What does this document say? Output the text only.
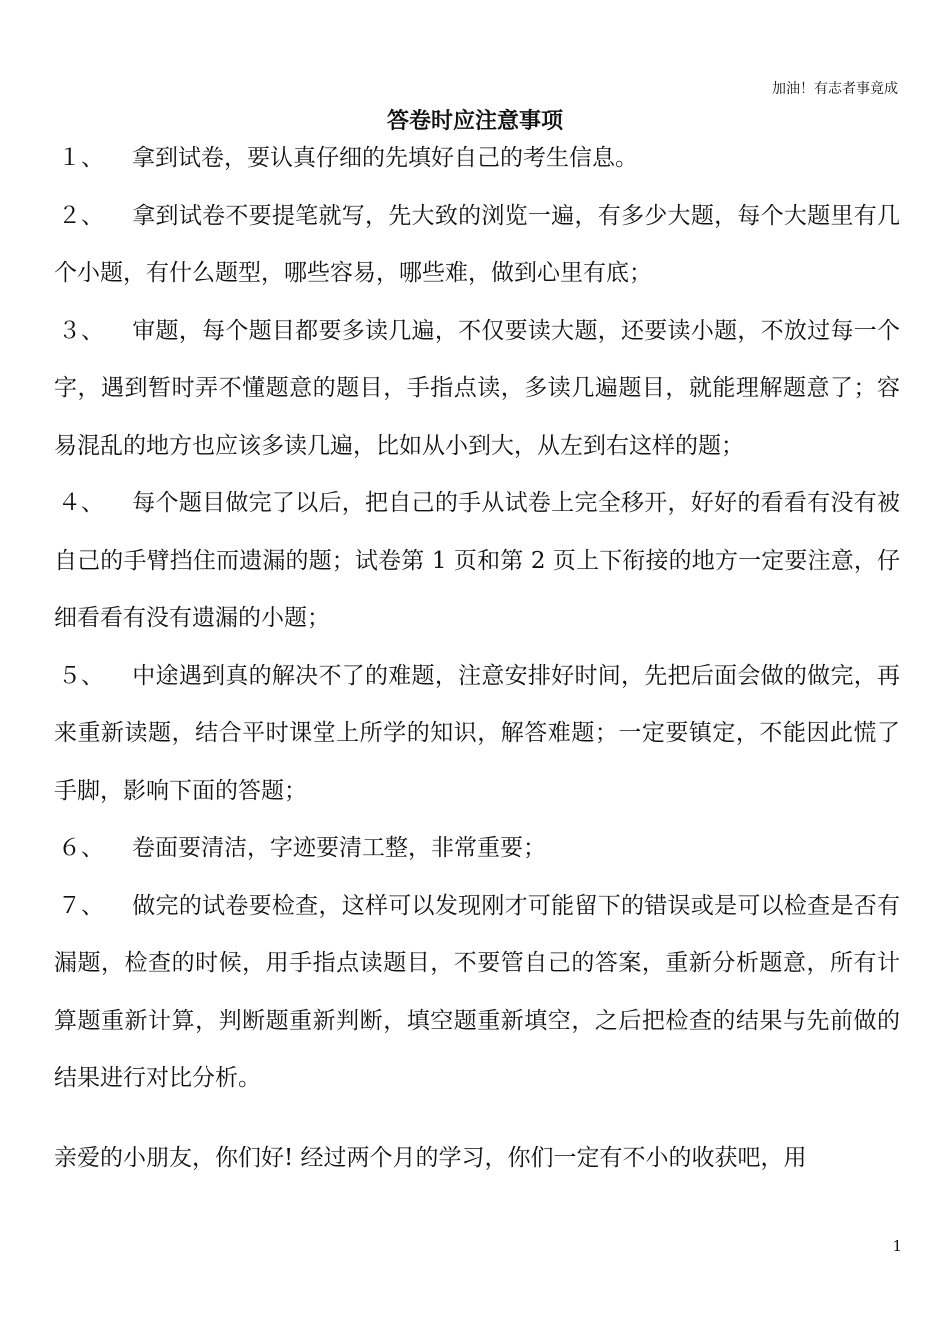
加油！有志者事竟成
答卷时应注意事项

１、 拿到试卷，要认真仔细的先填好自己的考生信息。

２、 拿到试卷不要提笔就写，先大致的浏览一遍，有多少大题，每个大题里有几个小题，有什么题型，哪些容易，哪些难，做到心里有底；

３、 审题，每个题目都要多读几遍，不仅要读大题，还要读小题，不放过每一个字，遇到暂时弄不懂题意的题目，手指点读，多读几遍题目，就能理解题意了；容易混乱的地方也应该多读几遍，比如从小到大，从左到右这样的题；

４、 每个题目做完了以后，把自己的手从试卷上完全移开，好好的看看有没有被自己的手臂挡住而遗漏的题；试卷第 1 页和第 2 页上下衔接的地方一定要注意，仔细看看有没有遗漏的小题；

５、 中途遇到真的解决不了的难题，注意安排好时间，先把后面会做的做完，再来重新读题，结合平时课堂上所学的知识，解答难题；一定要镇定，不能因此慌了手脚，影响下面的答题；

６、 卷面要清洁，字迹要清工整，非常重要；

７、 做完的试卷要检查，这样可以发现刚才可能留下的错误或是可以检查是否有漏题，检查的时候，用手指点读题目，不要管自己的答案，重新分析题意，所有计算题重新计算，判断题重新判断，填空题重新填空，之后把检查的结果与先前做的结果进行对比分析。

亲爱的小朋友，你们好! 经过两个月的学习，你们一定有不小的收获吧，用

1
